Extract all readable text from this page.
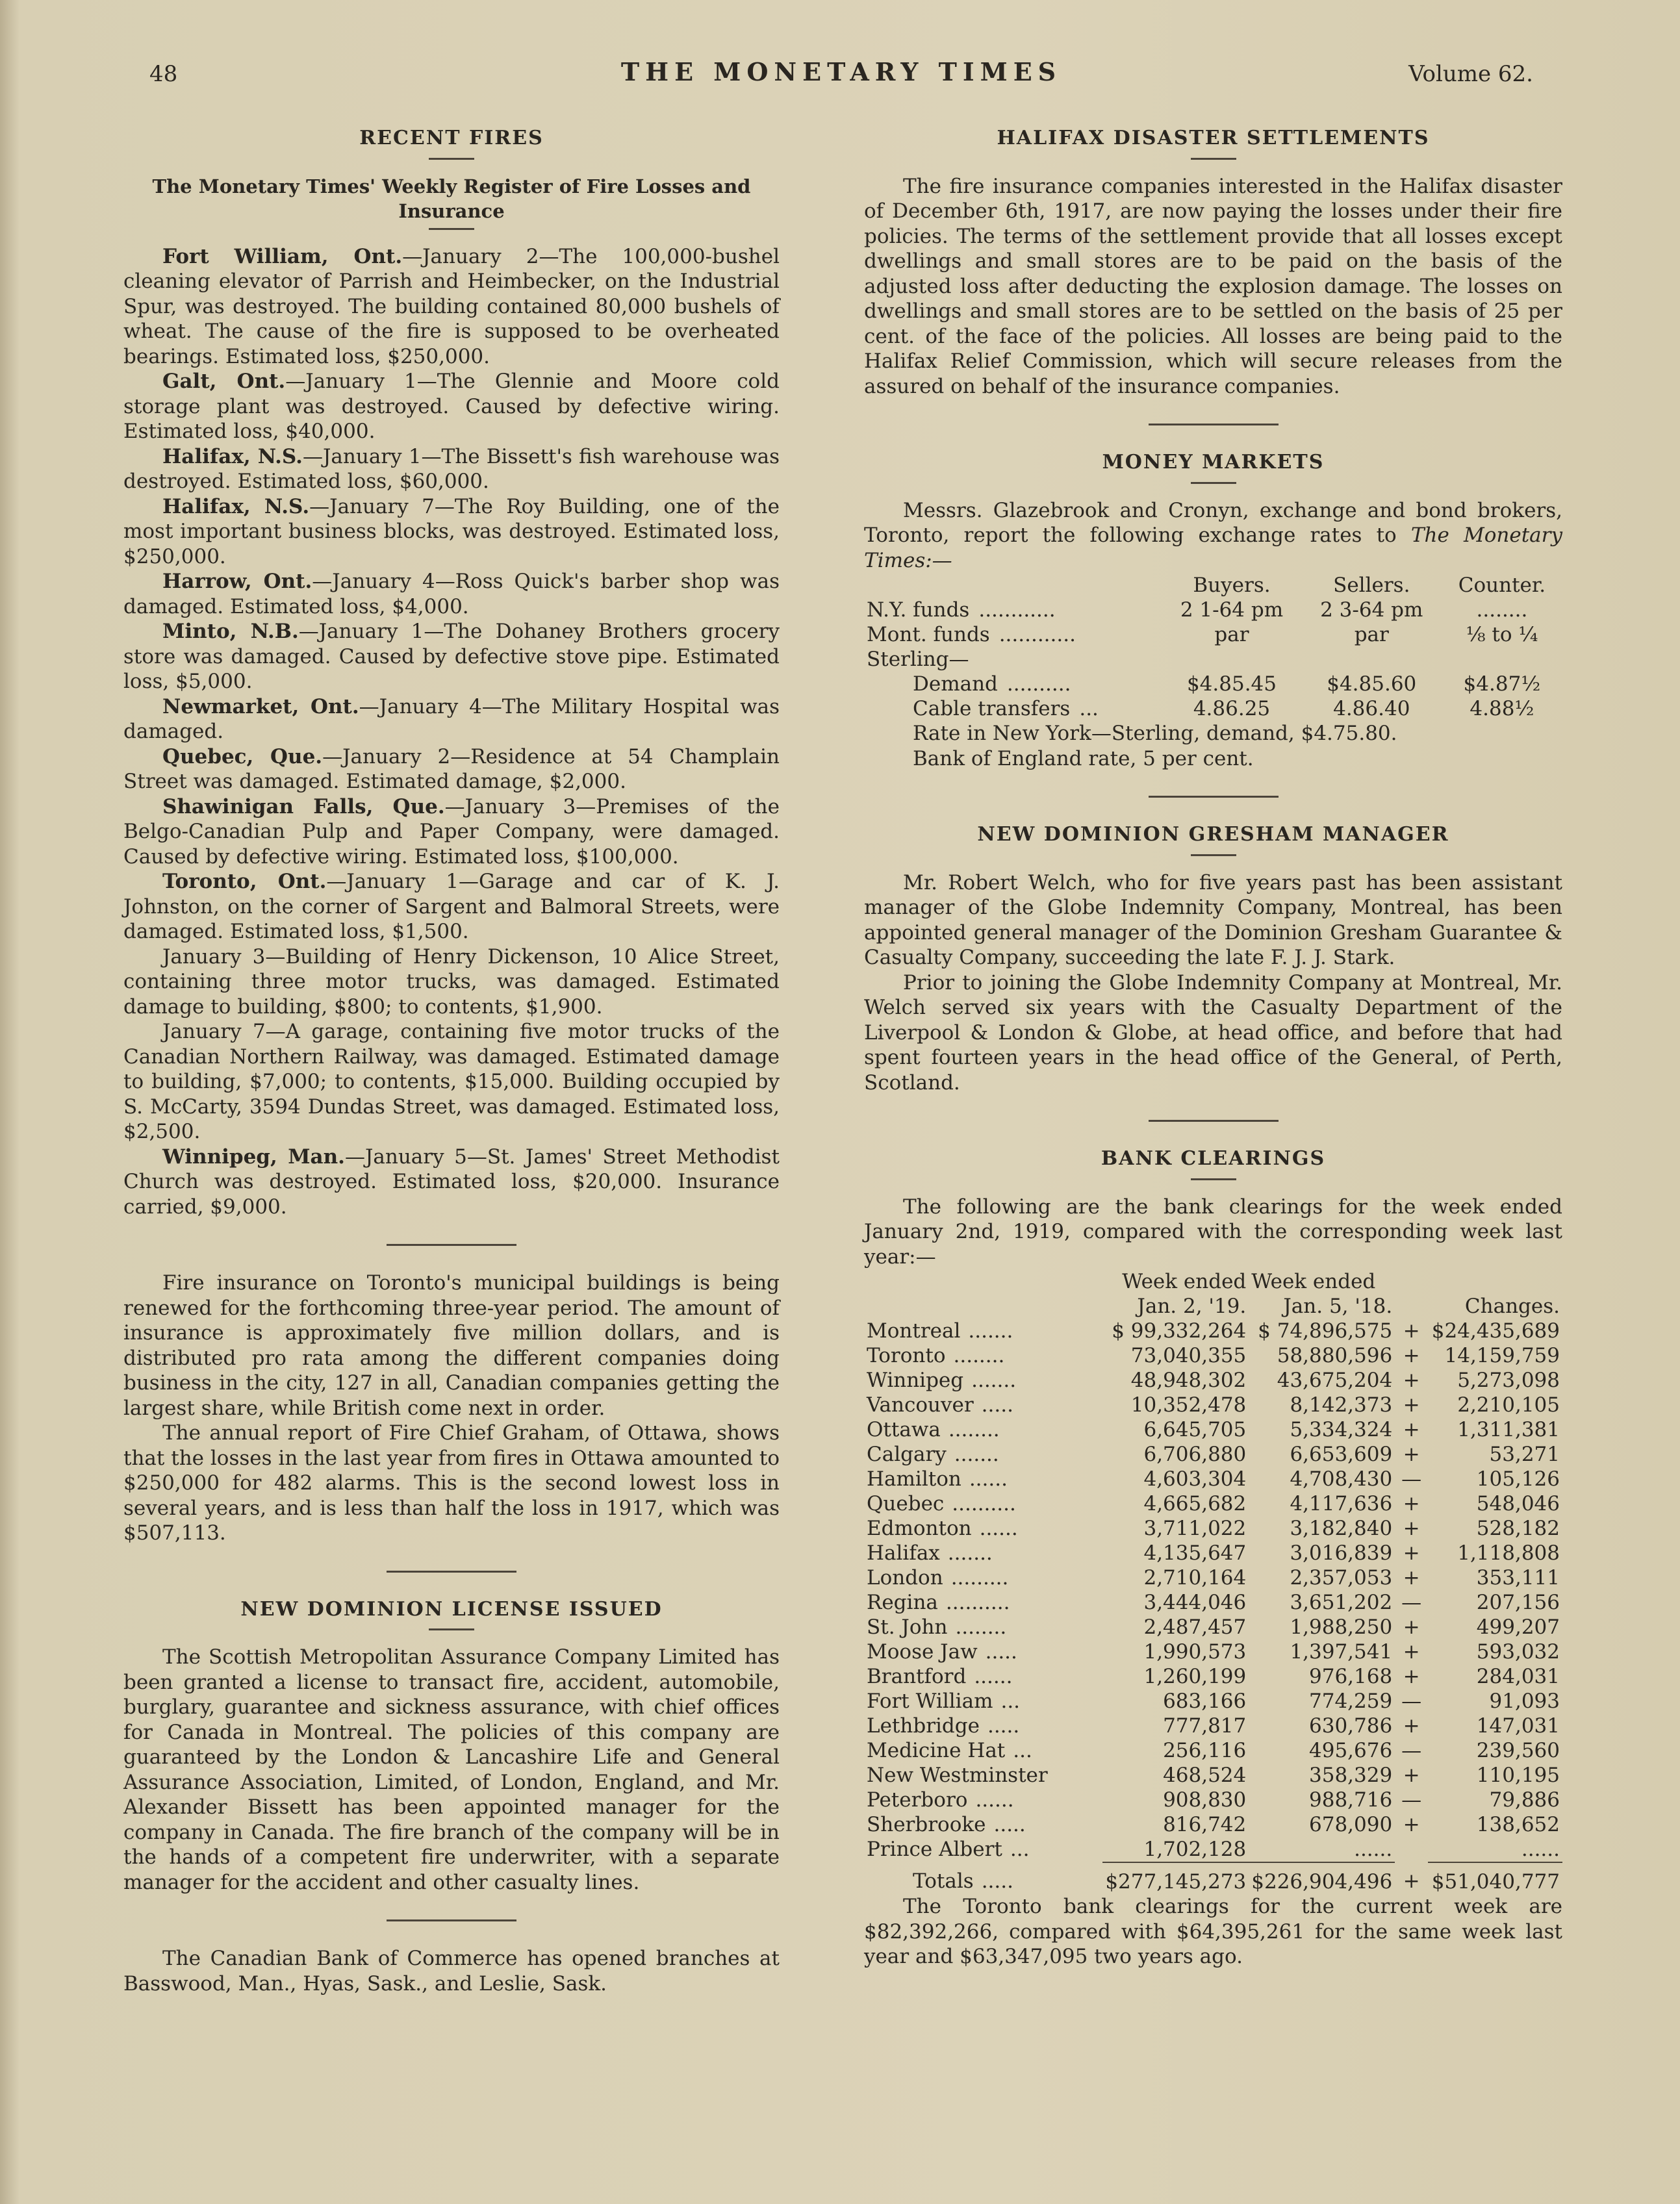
48	THE MONETARY TIMES	Volume 62.
RECENT FIRES
The Monetary Times' Weekly Register of Fire Losses and Insurance

Fort William, Ont.—January 2—The 100,000-bushel cleaning elevator of Parrish and Heimbecker, on the Industrial Spur, was destroyed. The building contained 80,000 bushels of wheat. The cause of the fire is supposed to be overheated bearings. Estimated loss, $250,000.

Galt, Ont.—January 1—The Glennie and Moore cold storage plant was destroyed. Caused by defective wiring. Estimated loss, $40,000.

Halifax, N.S.—January 1—The Bissett's fish warehouse was destroyed. Estimated loss, $60,000.

Halifax, N.S.—January 7—The Roy Building, one of the most important business blocks, was destroyed. Estimated loss, $250,000.

Harrow, Ont.—January 4—Ross Quick's barber shop was damaged. Estimated loss, $4,000.

Minto, N.B.—January 1—The Dohaney Brothers grocery store was damaged. Caused by defective stove pipe. Estimated loss, $5,000.

Newmarket, Ont.—January 4—The Military Hospital was damaged.

Quebec, Que.—January 2—Residence at 54 Champlain Street was damaged. Estimated damage, $2,000.

Shawinigan Falls, Que.—January 3—Premises of the Belgo-Canadian Pulp and Paper Company, were damaged. Caused by defective wiring. Estimated loss, $100,000.

Toronto, Ont.—January 1—Garage and car of K. J. Johnston, on the corner of Sargent and Balmoral Streets, were damaged. Estimated loss, $1,500.

January 3—Building of Henry Dickenson, 10 Alice Street, containing three motor trucks, was damaged. Estimated damage to building, $800; to contents, $1,900.

January 7—A garage, containing five motor trucks of the Canadian Northern Railway, was damaged. Estimated damage to building, $7,000; to contents, $15,000. Building occupied by S. McCarty, 3594 Dundas Street, was damaged. Estimated loss, $2,500.

Winnipeg, Man.—January 5—St. James' Street Methodist Church was destroyed. Estimated loss, $20,000. Insurance carried, $9,000.

Fire insurance on Toronto's municipal buildings is being renewed for the forthcoming three-year period. The amount of insurance is approximately five million dollars, and is distributed pro rata among the different companies doing business in the city, 127 in all, Canadian companies getting the largest share, while British come next in order.

The annual report of Fire Chief Graham, of Ottawa, shows that the losses in the last year from fires in Ottawa amounted to $250,000 for 482 alarms. This is the second lowest loss in several years, and is less than half the loss in 1917, which was $507,113.

NEW DOMINION LICENSE ISSUED

The Scottish Metropolitan Assurance Company Limited has been granted a license to transact fire, accident, automobile, burglary, guarantee and sickness assurance, with chief offices for Canada in Montreal. The policies of this company are guaranteed by the London & Lancashire Life and General Assurance Association, Limited, of London, England, and Mr. Alexander Bissett has been appointed manager for the company in Canada. The fire branch of the company will be in the hands of a competent fire underwriter, with a separate manager for the accident and other casualty lines.

The Canadian Bank of Commerce has opened branches at Basswood, Man., Hyas, Sask., and Leslie, Sask.

HALIFAX DISASTER SETTLEMENTS

The fire insurance companies interested in the Halifax disaster of December 6th, 1917, are now paying the losses under their fire policies. The terms of the settlement provide that all losses except dwellings and small stores are to be paid on the basis of the adjusted loss after deducting the explosion damage. The losses on dwellings and small stores are to be settled on the basis of 25 per cent. of the face of the policies. All losses are being paid to the Halifax Relief Commission, which will secure releases from the assured on behalf of the insurance companies.

MONEY MARKETS

Messrs. Glazebrook and Cronyn, exchange and bond brokers, Toronto, report the following exchange rates to The Monetary Times:—

	Buyers.	Sellers.	Counter.
N.Y. funds ............	2 1-64 pm	2 3-64 pm	........
Mont. funds ............	par	par	⅛ to ¼
Sterling—			
Demand ..........	$4.85.45	$4.85.60	$4.87½
Cable transfers ...	4.86.25	4.86.40	4.88½

Rate in New York—Sterling, demand, $4.75.80.

Bank of England rate, 5 per cent.

NEW DOMINION GRESHAM MANAGER

Mr. Robert Welch, who for five years past has been assistant manager of the Globe Indemnity Company, Montreal, has been appointed general manager of the Dominion Gresham Guarantee & Casualty Company, succeeding the late F. J. J. Stark.

Prior to joining the Globe Indemnity Company at Montreal, Mr. Welch served six years with the Casualty Department of the Liverpool & London & Globe, at head office, and before that had spent fourteen years in the head office of the General, of Perth, Scotland.

BANK CLEARINGS

The following are the bank clearings for the week ended January 2nd, 1919, compared with the corresponding week last year:—

	Week ended	Week ended		
	Jan. 2, '19.	Jan. 5, '18.		Changes.
Montreal .......	$ 99,332,264	$ 74,896,575	+	$24,435,689
Toronto ........	73,040,355	58,880,596	+	14,159,759
Winnipeg .......	48,948,302	43,675,204	+	5,273,098
Vancouver .....	10,352,478	8,142,373	+	2,210,105
Ottawa ........	6,645,705	5,334,324	+	1,311,381
Calgary .......	6,706,880	6,653,609	+	53,271
Hamilton ......	4,603,304	4,708,430	—	105,126
Quebec ..........	4,665,682	4,117,636	+	548,046
Edmonton ......	3,711,022	3,182,840	+	528,182
Halifax .......	4,135,647	3,016,839	+	1,118,808
London .........	2,710,164	2,357,053	+	353,111
Regina ..........	3,444,046	3,651,202	—	207,156
St. John ........	2,487,457	1,988,250	+	499,207
Moose Jaw .....	1,990,573	1,397,541	+	593,032
Brantford ......	1,260,199	976,168	+	284,031
Fort William ...	683,166	774,259	—	91,093
Lethbridge .....	777,817	630,786	+	147,031
Medicine Hat ...	256,116	495,676	—	239,560
New Westminster	468,524	358,329	+	110,195
Peterboro ......	908,830	988,716	—	79,886
Sherbrooke .....	816,742	678,090	+	138,652
Prince Albert ...	1,702,128	......		......

Totals .....	$277,145,273	$226,904,496	+	$51,040,777

The Toronto bank clearings for the current week are $82,392,266, compared with $64,395,261 for the same week last year and $63,347,095 two years ago.
